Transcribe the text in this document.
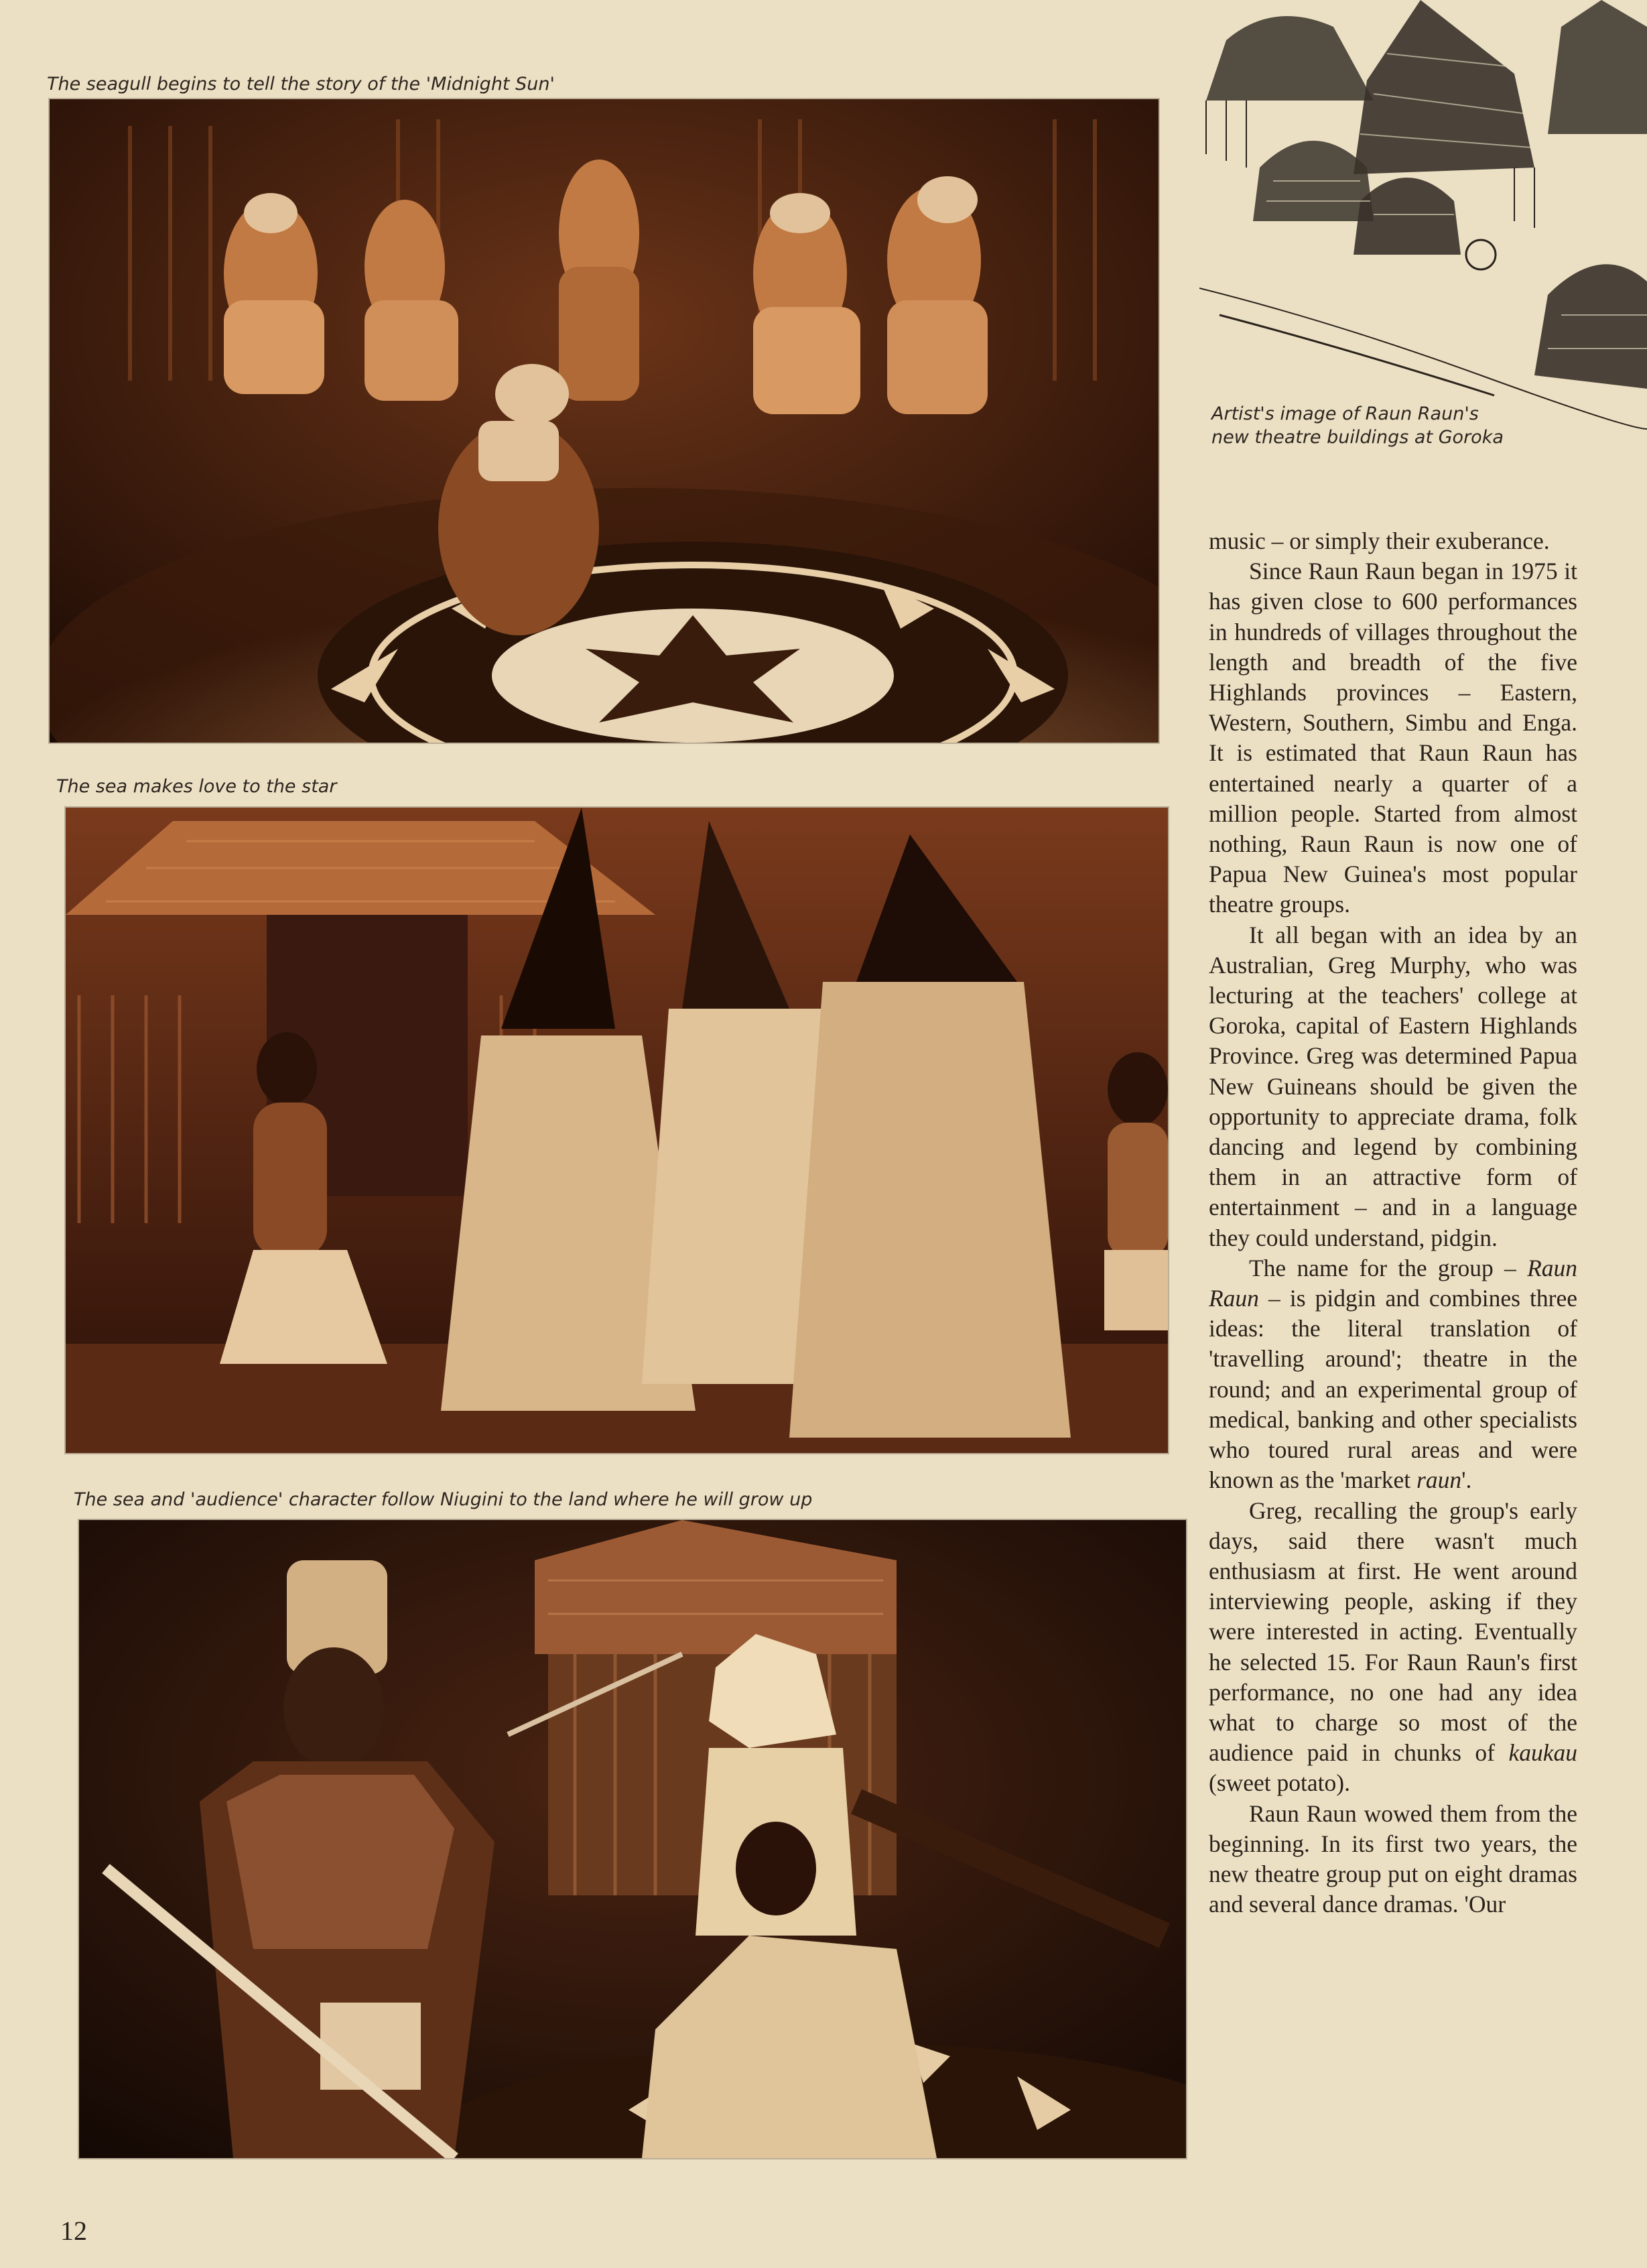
The seagull begins to tell the story of the 'Midnight Sun'
The sea makes love to the star
The sea and 'audience' character follow Niugini to the land where he will grow up
Artist's image of Raun Raun's
new theatre buildings at Goroka

music – or simply their exuberance.

Since Raun Raun began in 1975 it has given close to 600 performances in hundreds of villages throughout the length and breadth of the five Highlands provinces – Eastern, Western, Southern, Simbu and Enga. It is estimated that Raun Raun has entertained nearly a quarter of a million people. Started from almost nothing, Raun Raun is now one of Papua New Guinea's most popular theatre groups.

It all began with an idea by an Australian, Greg Murphy, who was lecturing at the teachers' college at Goroka, capital of Eastern Highlands Province. Greg was determined Papua New Guineans should be given the opportunity to appreciate drama, folk dancing and legend by combining them in an attractive form of entertainment – and in a language they could understand, pidgin.

The name for the group – Raun Raun – is pidgin and combines three ideas: the literal translation of 'travelling around'; theatre in the round; and an experimental group of medical, banking and other specialists who toured rural areas and were known as the 'market raun'.

Greg, recalling the group's early days, said there wasn't much enthusiasm at first. He went around interviewing people, asking if they were interested in acting. Eventually he selected 15. For Raun Raun's first performance, no one had any idea what to charge so most of the audience paid in chunks of kaukau (sweet potato).

Raun Raun wowed them from the beginning. In its first two years, the new theatre group put on eight dramas and several dance dramas. 'Our

12
